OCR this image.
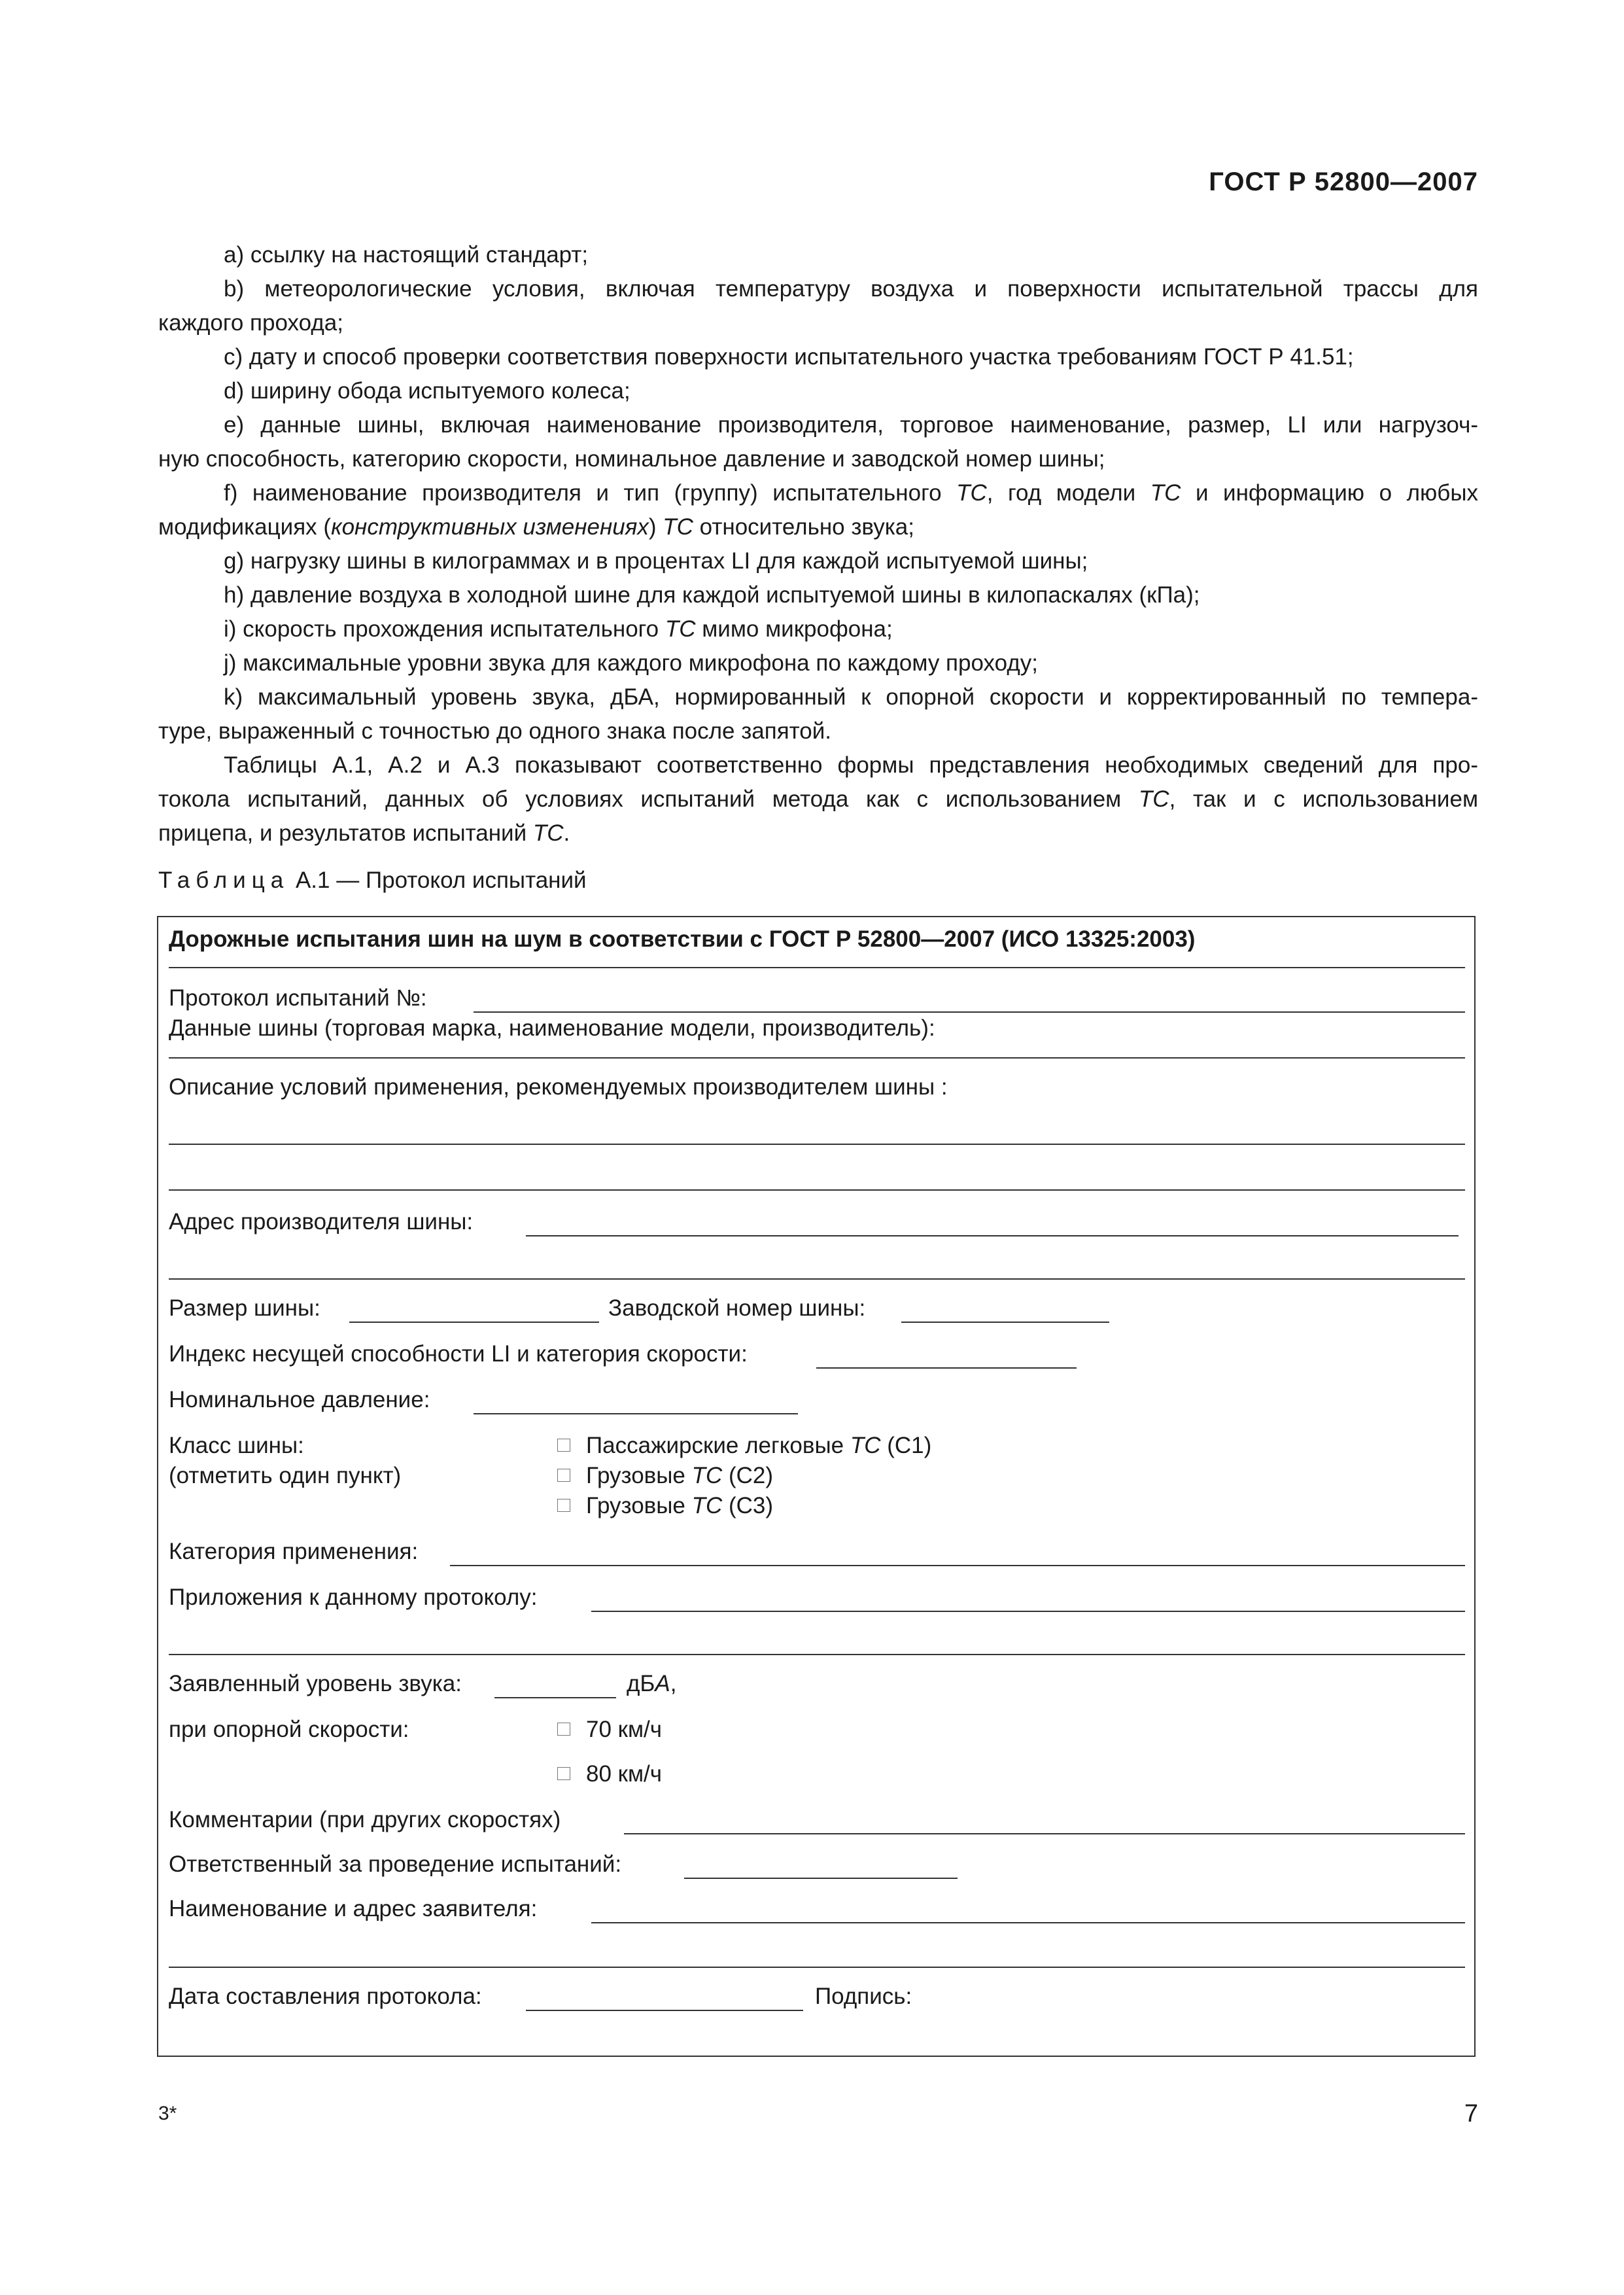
ГОСТ Р 52800—2007

a) ссылку на настоящий стандарт;

b) метеорологические условия, включая температуру воздуха и поверхности испытательной трассы для

каждого прохода;

c) дату и способ проверки соответствия поверхности испытательного участка требованиям ГОСТ Р 41.51;

d) ширину обода испытуемого колеса;

e) данные шины, включая наименование производителя, торговое наименование, размер, LI или нагрузоч-

ную способность, категорию скорости, номинальное давление и заводской номер шины;

f) наименование производителя и тип (группу) испытательного ТС, год модели ТС и информацию о любых

модификациях (конструктивных изменениях) ТС относительно звука;

g) нагрузку шины в килограммах и в процентах LI для каждой испытуемой шины;

h) давление воздуха в холодной шине для каждой испытуемой шины в килопаскалях (кПа);

i) скорость прохождения испытательного ТС мимо микрофона;

j) максимальные уровни звука для каждого микрофона по каждому проходу;

k) максимальный уровень звука, дБА, нормированный к опорной скорости и корректированный по темпера-

туре, выраженный с точностью до одного знака после запятой.

Таблицы А.1, А.2 и А.3 показывают соответственно формы представления необходимых сведений для про-

токола испытаний, данных об условиях испытаний метода как с использованием ТС, так и с использованием

прицепа, и результатов испытаний ТС.

Таблица А.1 — Протокол испытаний
Дорожные испытания шин на шум в соответствии с ГОСТ Р 52800—2007 (ИСО 13325:2003)
Протокол испытаний №:
Данные шины (торговая марка, наименование модели, производитель):
Описание условий применения, рекомендуемых производителем шины :
Адрес производителя шины:
Размер шины:	Заводской номер шины:
Индекс несущей способности LI и категория скорости:
Номинальное давление:
Класс шины:
(отметить один пункт)
Пассажирские легковые ТС (С1)
Грузовые ТС (С2)
Грузовые ТС (С3)
Категория применения:
Приложения к данному протоколу:
Заявленный уровень звука:	дБА,
при опорной скорости:	70 км/ч
80 км/ч
Комментарии (при других скоростях)
Ответственный за проведение испытаний:
Наименование и адрес заявителя:
Дата составления протокола:	Подпись:
3*	7
